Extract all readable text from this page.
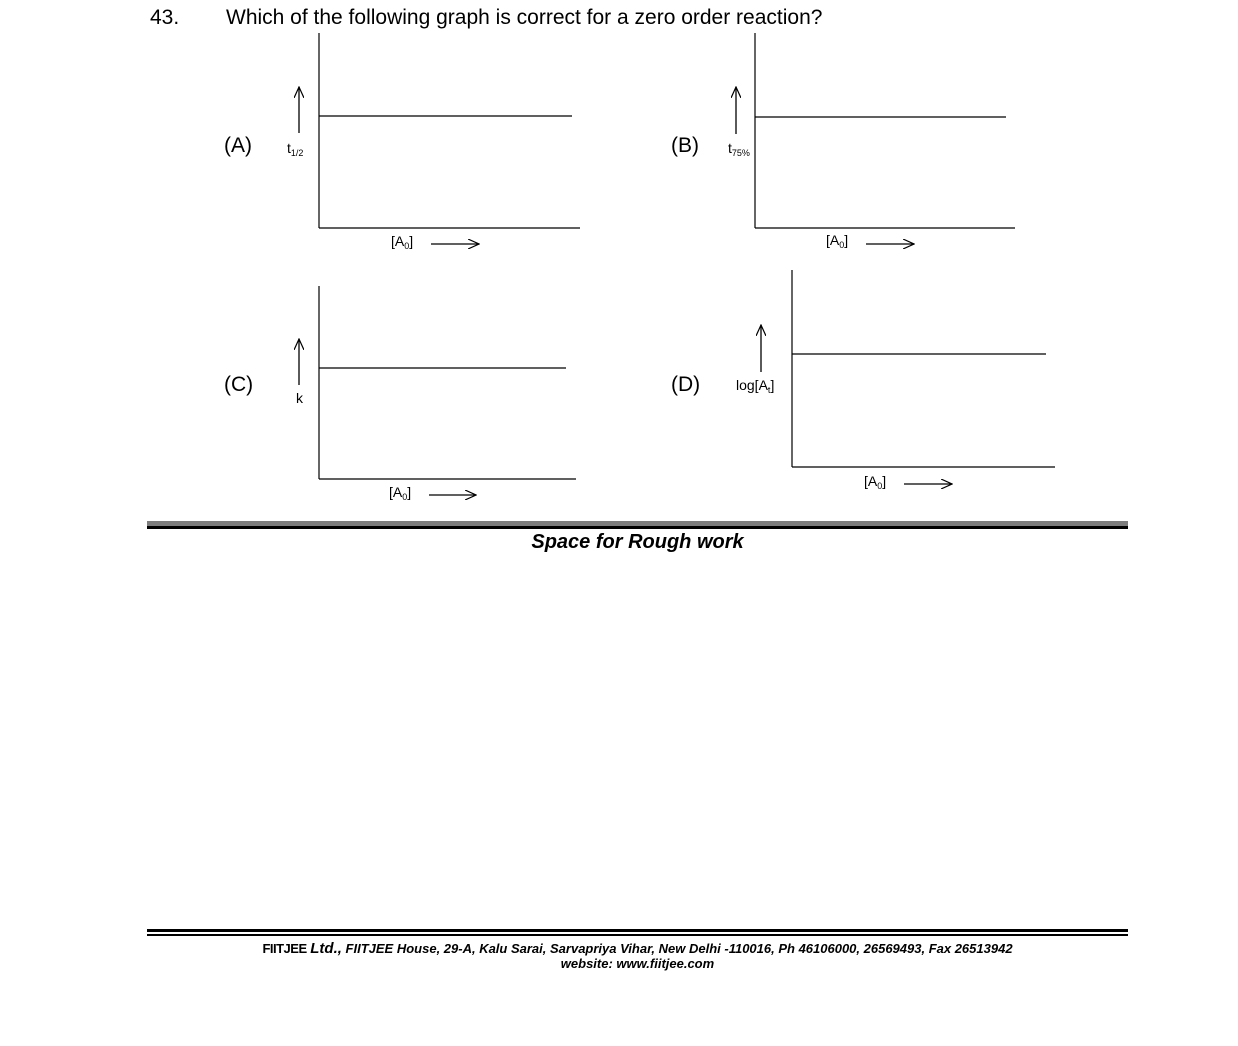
43. Which of the following graph is correct for a zero order reaction?
(A)	$t_{1/2}$
$[A_0]$
(B) $t_{75\%}$
$[A_0]$
(C)
k
$[A_0]$
(D)	$\log[A_t]$
$[A_0]$
Space for Rough work
FIITJEE Ltd., FIITJEE House, 29-A, Kalu Sarai, Sarvapriya Vihar, New Delhi -110016, Ph 46106000, 26569493, Fax 26513942
website: www.fiitjee.com
